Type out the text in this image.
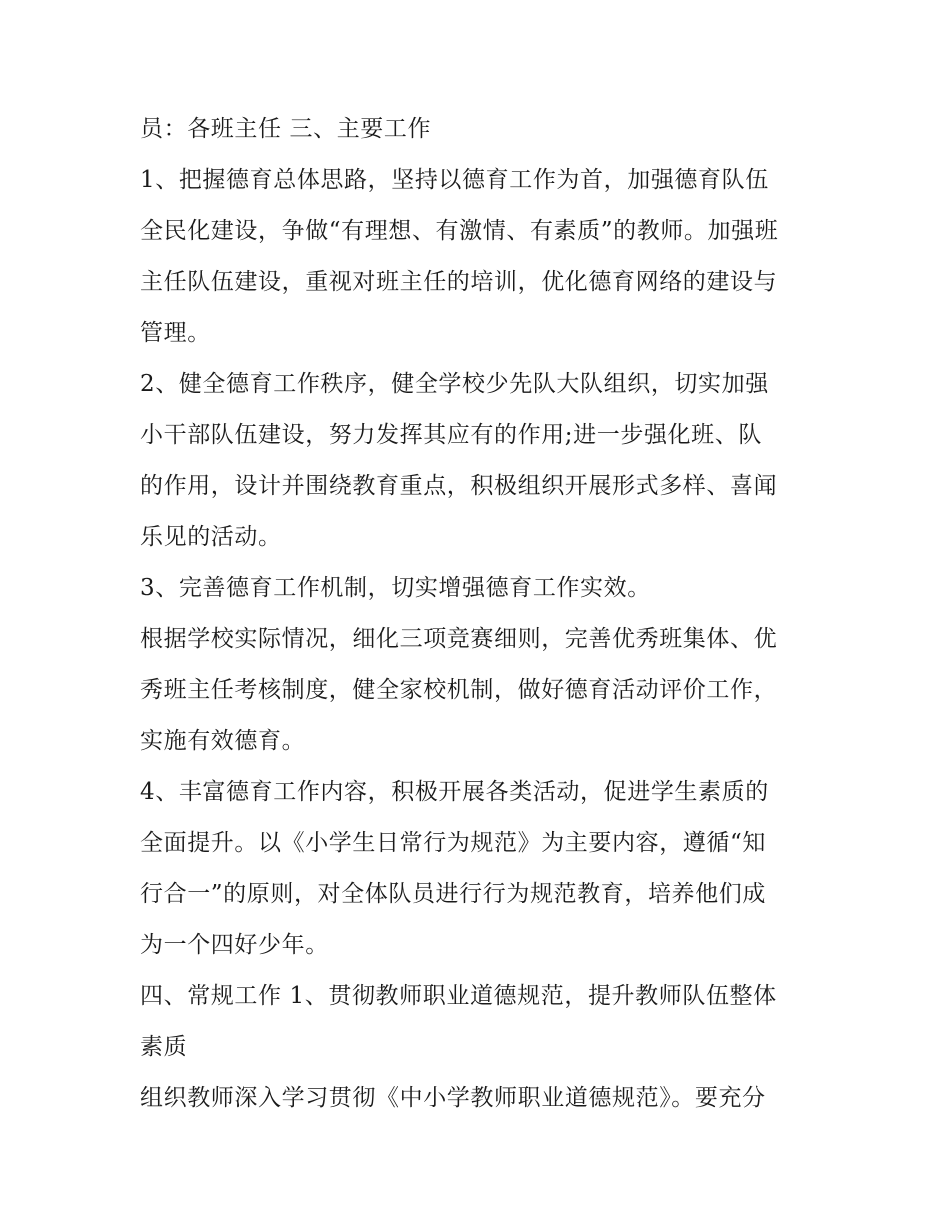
员：各班主任 三、主要工作

1、把握德育总体思路，坚持以德育工作为首，加强德育队伍

全民化建设，争做“有理想、有激情、有素质”的教师。加强班

主任队伍建设，重视对班主任的培训，优化德育网络的建设与

管理。

2、健全德育工作秩序，健全学校少先队大队组织，切实加强

小干部队伍建设，努力发挥其应有的作用;进一步强化班、队

的作用，设计并围绕教育重点，积极组织开展形式多样、喜闻

乐见的活动。

3、完善德育工作机制，切实增强德育工作实效。

根据学校实际情况，细化三项竞赛细则，完善优秀班集体、优

秀班主任考核制度，健全家校机制，做好德育活动评价工作，

实施有效德育。

4、丰富德育工作内容，积极开展各类活动，促进学生素质的

全面提升。以《小学生日常行为规范》为主要内容，遵循“知

行合一”的原则，对全体队员进行行为规范教育，培养他们成

为一个四好少年。

四、常规工作 1、贯彻教师职业道德规范，提升教师队伍整体

素质

组织教师深入学习贯彻《中小学教师职业道德规范》。要充分
